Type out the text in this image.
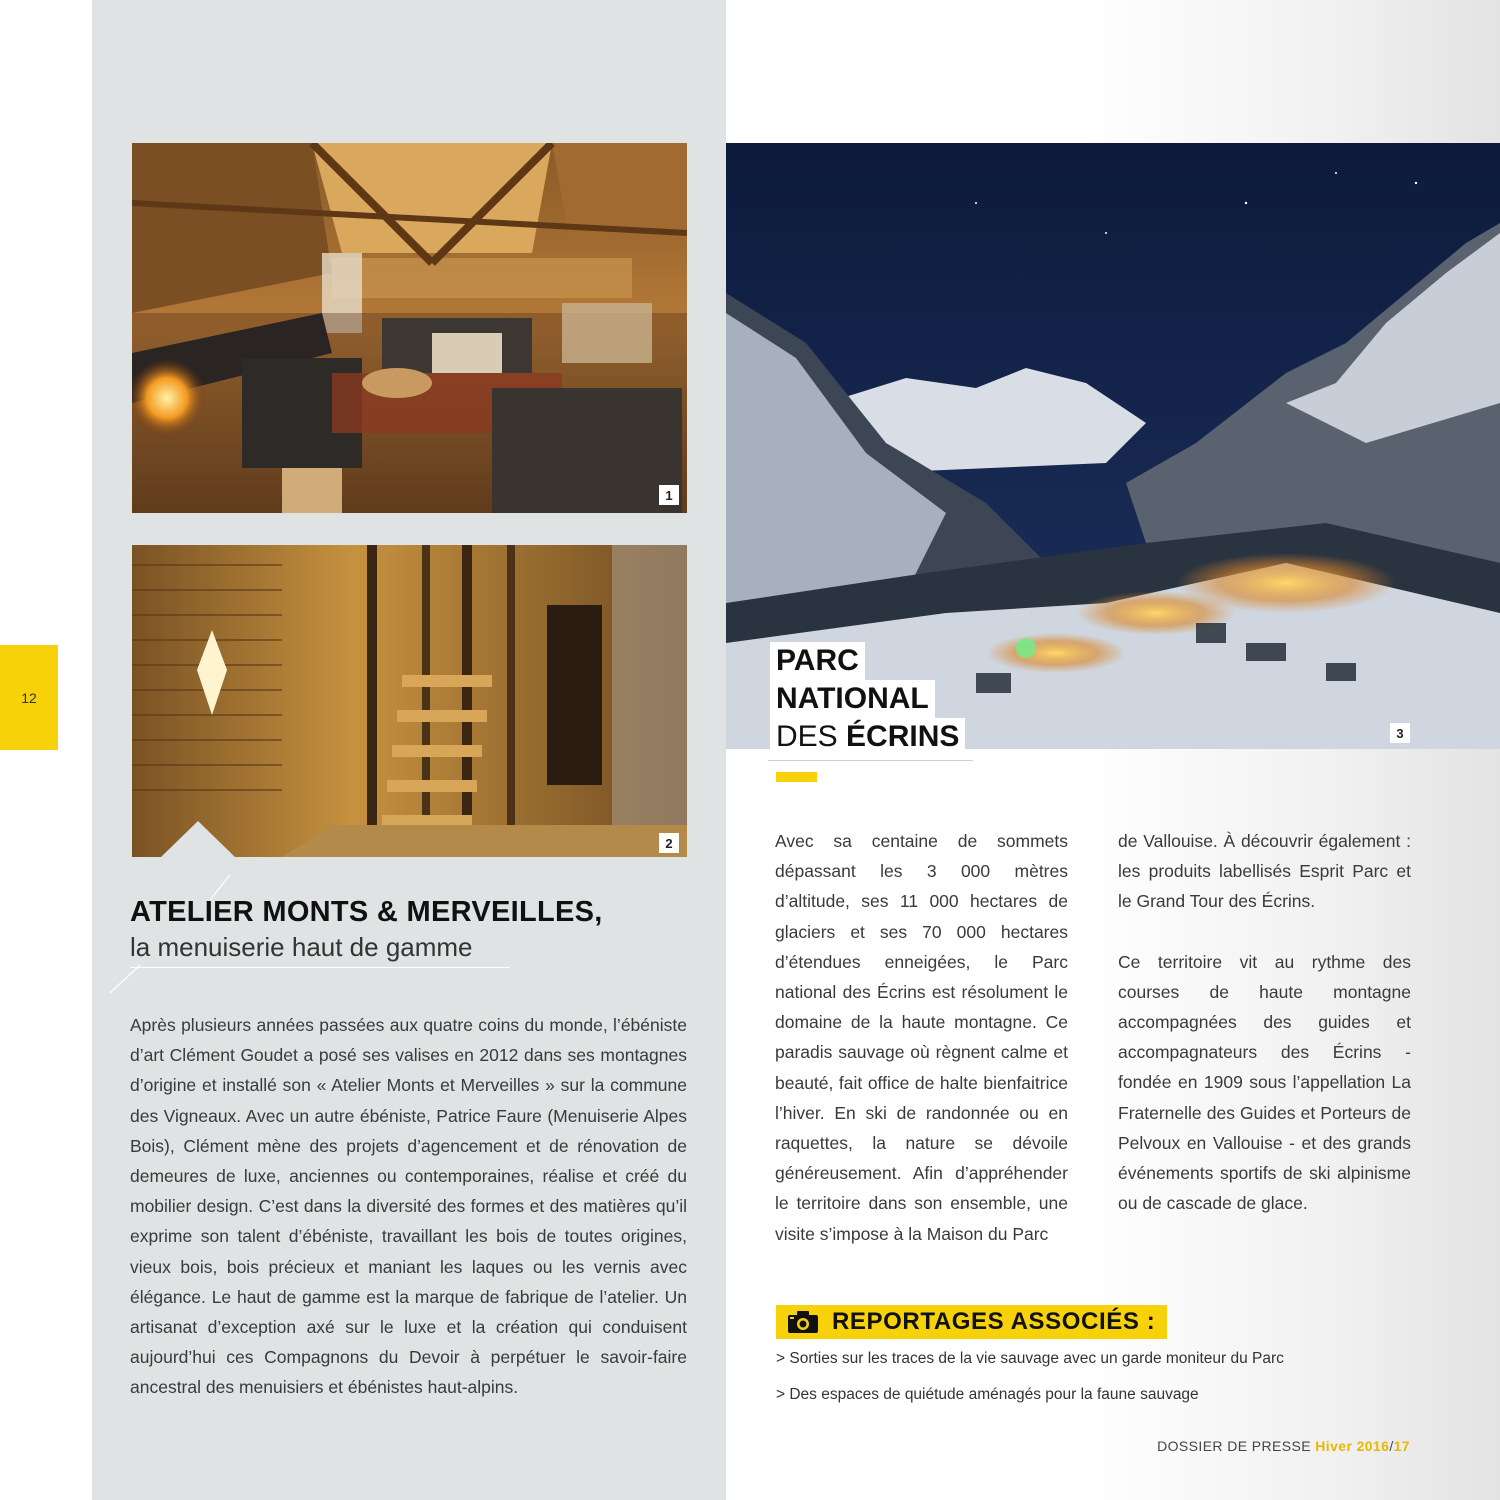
12
1
2
ATELIER MONTS & MERVEILLES,
la menuiserie haut de gamme
Après plusieurs années passées aux quatre coins du monde, l’ébéniste d’art Clément Goudet a posé ses valises en 2012 dans ses montagnes d’origine et installé son « Atelier Monts et Merveilles » sur la commune des Vigneaux. Avec un autre ébéniste, Patrice Faure (Menuiserie Alpes Bois), Clément mène des projets d’agencement et de rénovation de demeures de luxe, anciennes ou contemporaines, réalise et créé du mobilier design. C’est dans la diversité des formes et des matières qu’il exprime son talent d’ébéniste, travaillant les bois de toutes origines, vieux bois, bois précieux et maniant les laques ou les vernis avec élégance. Le haut de gamme est la marque de fabrique de l’atelier. Un artisanat d’exception axé sur le luxe et la création qui conduisent aujourd’hui ces Compagnons du Devoir à perpétuer le savoir-faire ancestral des menuisiers et ébénistes haut-alpins.
3
PARC
NATIONAL
DES ÉCRINS

Avec sa centaine de sommets dépassant les 3 000 mètres d’altitude, ses 11 000 hectares de glaciers et ses 70 000 hectares d’étendues enneigées, le Parc national des Écrins est résolument le domaine de la haute montagne. Ce paradis sauvage où règnent calme et beauté, fait office de halte bienfaitrice l’hiver. En ski de randonnée ou en raquettes, la nature se dévoile généreusement. Afin d’appréhender le territoire dans son ensemble, une visite s’impose à la Maison du Parc

de Vallouise. À découvrir également : les produits labellisés Esprit Parc et le Grand Tour des Écrins.

Ce territoire vit au rythme des courses de haute montagne accompagnées des guides et accompagnateurs des Écrins - fondée en 1909 sous l’appellation La Fraternelle des Guides et Porteurs de Pelvoux en Vallouise - et des grands événements sportifs de ski alpinisme ou de cascade de glace.

REPORTAGES ASSOCIÉS :
> Sorties sur les traces de la vie sauvage avec un garde moniteur du Parc
> Des espaces de quiétude aménagés pour la faune sauvage
DOSSIER DE PRESSE Hiver 2016/17
